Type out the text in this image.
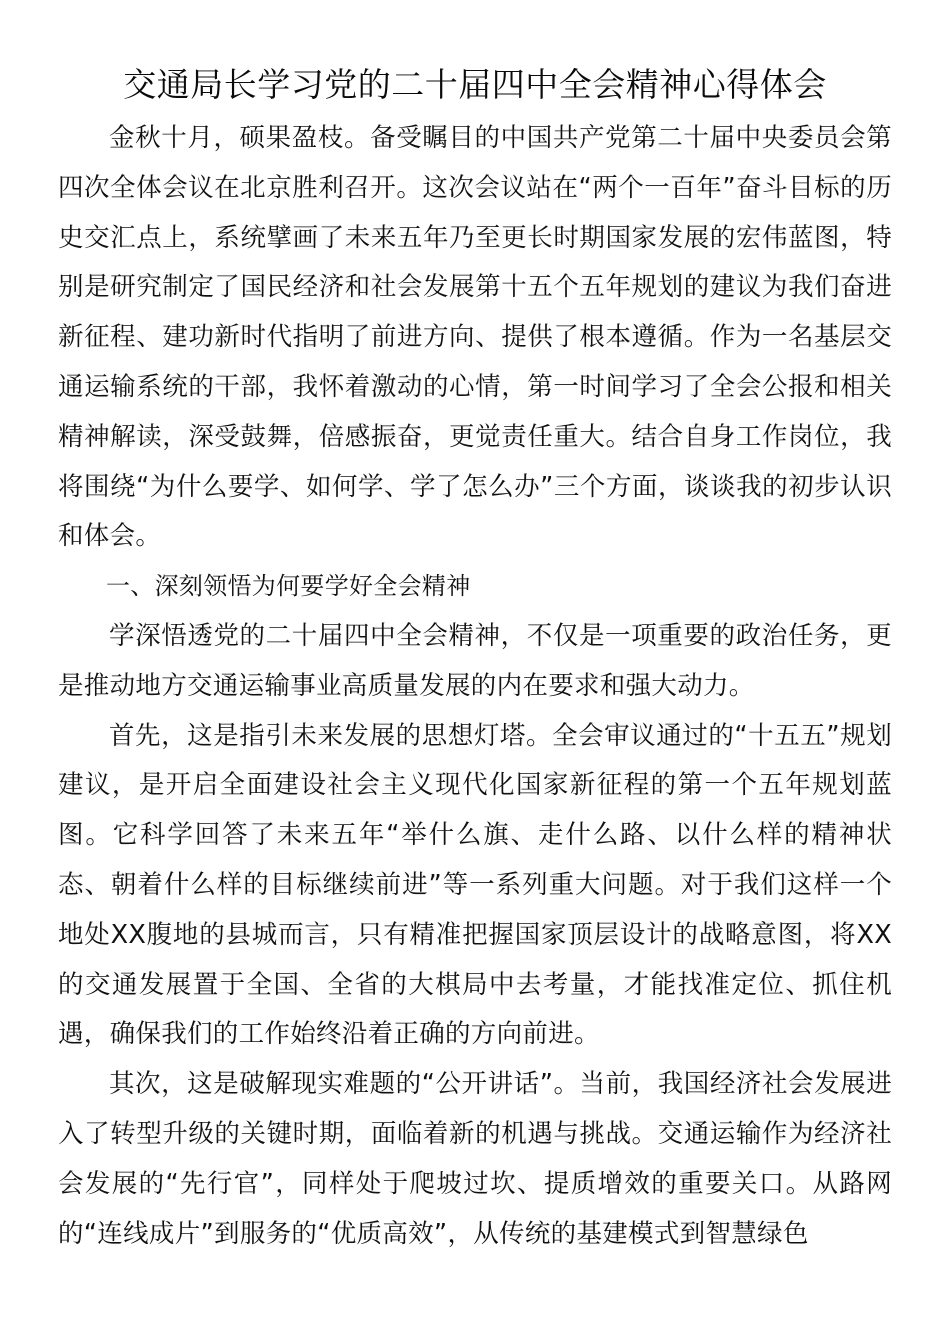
交通局长学习党的二十届四中全会精神心得体会

金秋十月，硕果盈枝。备受瞩目的中国共产党第二十届中央委员会第四次全体会议在北京胜利召开。这次会议站在“两个一百年”奋斗目标的历史交汇点上，系统擘画了未来五年乃至更长时期国家发展的宏伟蓝图，特别是研究制定了国民经济和社会发展第十五个五年规划的建议为我们奋进新征程、建功新时代指明了前进方向、提供了根本遵循。作为一名基层交通运输系统的干部，我怀着激动的心情，第一时间学习了全会公报和相关精神解读，深受鼓舞，倍感振奋，更觉责任重大。结合自身工作岗位，我将围绕“为什么要学、如何学、学了怎么办”三个方面，谈谈我的初步认识和体会。

一、深刻领悟为何要学好全会精神

学深悟透党的二十届四中全会精神，不仅是一项重要的政治任务，更是推动地方交通运输事业高质量发展的内在要求和强大动力。

首先，这是指引未来发展的思想灯塔。全会审议通过的“十五五”规划建议，是开启全面建设社会主义现代化国家新征程的第一个五年规划蓝图。它科学回答了未来五年“举什么旗、走什么路、以什么样的精神状态、朝着什么样的目标继续前进”等一系列重大问题。对于我们这样一个地处XX腹地的县城而言，只有精准把握国家顶层设计的战略意图，将XX的交通发展置于全国、全省的大棋局中去考量，才能找准定位、抓住机遇，确保我们的工作始终沿着正确的方向前进。

其次，这是破解现实难题的“公开讲话”。当前，我国经济社会发展进入了转型升级的关键时期，面临着新的机遇与挑战。交通运输作为经济社会发展的“先行官”，同样处于爬坡过坎、提质增效的重要关口。从路网的“连线成片”到服务的“优质高效”，从传统的基建模式到智慧绿色
